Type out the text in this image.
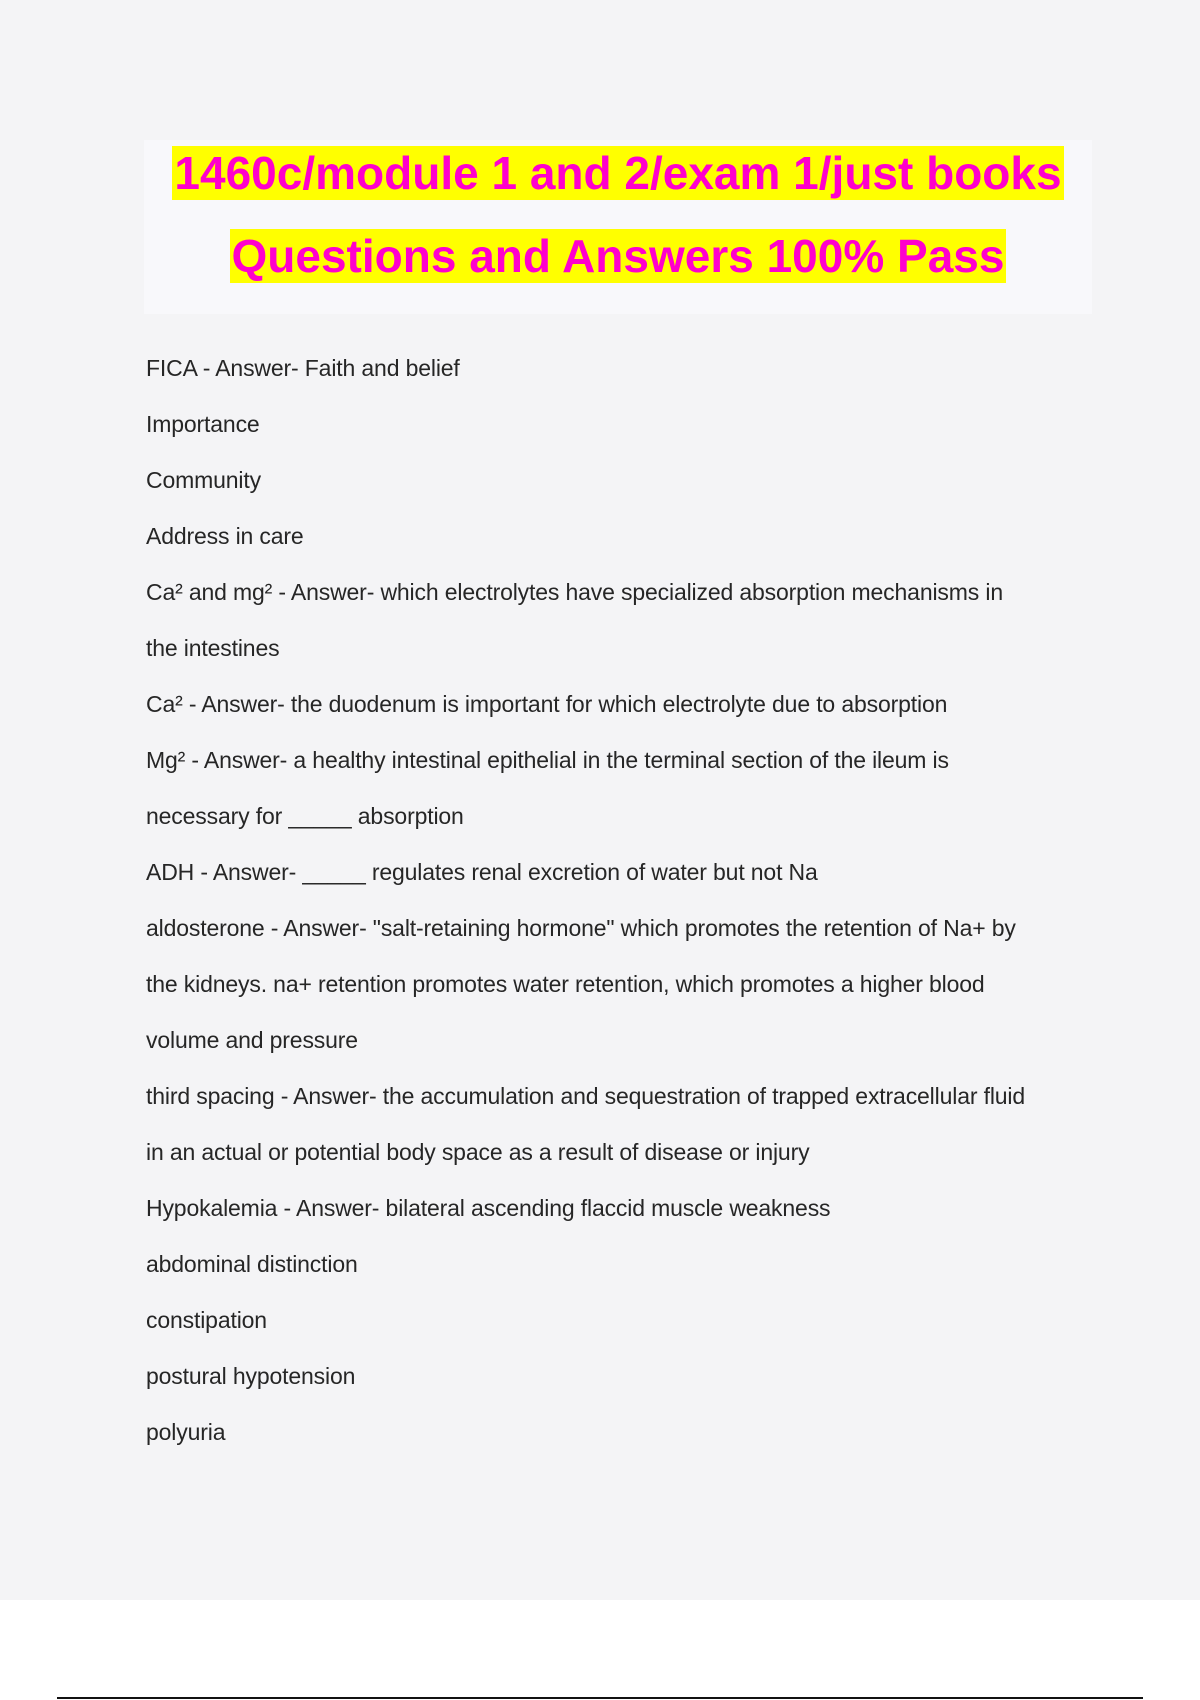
1460c/module 1 and 2/exam 1/just books
Questions and Answers 100% Pass
FICA - Answer- Faith and belief
Importance
Community
Address in care
Ca² and mg² - Answer- which electrolytes have specialized absorption mechanisms in
the intestines
Ca² - Answer- the duodenum is important for which electrolyte due to absorption
Mg² - Answer- a healthy intestinal epithelial in the terminal section of the ileum is
necessary for _____ absorption
ADH - Answer- _____ regulates renal excretion of water but not Na
aldosterone - Answer- "salt-retaining hormone" which promotes the retention of Na+ by
the kidneys. na+ retention promotes water retention, which promotes a higher blood
volume and pressure
third spacing - Answer- the accumulation and sequestration of trapped extracellular fluid
in an actual or potential body space as a result of disease or injury
Hypokalemia - Answer- bilateral ascending flaccid muscle weakness
abdominal distinction
constipation
postural hypotension
polyuria
